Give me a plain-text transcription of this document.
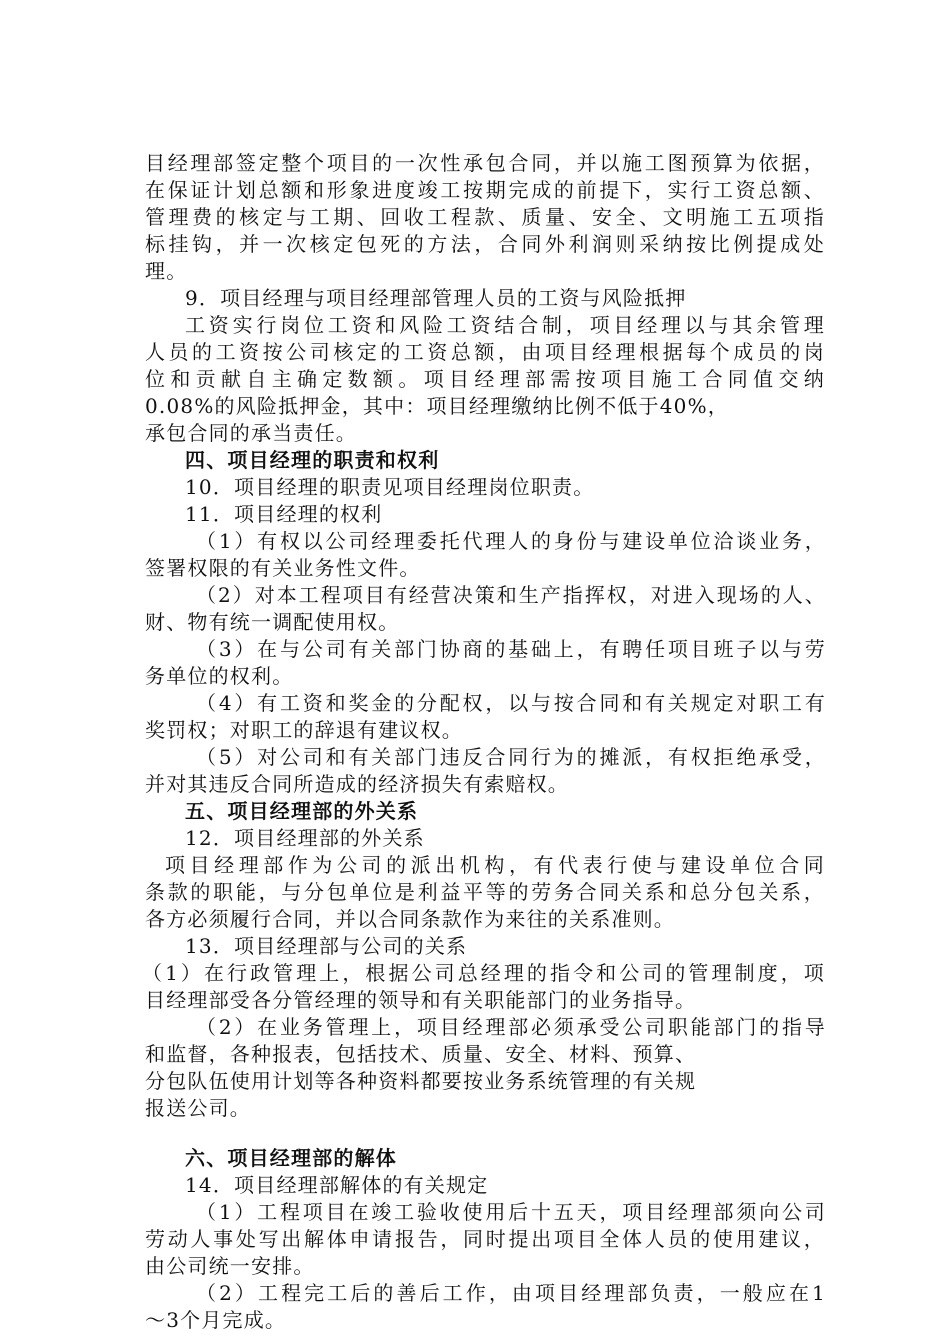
目经理部签定整个项目的一次性承包合同，并以施工图预算为依据，
在保证计划总额和形象进度竣工按期完成的前提下，实行工资总额、
管理费的核定与工期、回收工程款、质量、安全、文明施工五项指
标挂钩，并一次核定包死的方法，合同外利润则采纳按比例提成处
理。
9．项目经理与项目经理部管理人员的工资与风险抵押
工资实行岗位工资和风险工资结合制，项目经理以与其余管理
人员的工资按公司核定的工资总额，由项目经理根据每个成员的岗
位和贡献自主确定数额。项目经理部需按项目施工合同值交纳
0.08%的风险抵押金，其中：项目经理缴纳比例不低于40%，
承包合同的承当责任。
四、项目经理的职责和权利
10．项目经理的职责见项目经理岗位职责。
11．项目经理的权利
（1）有权以公司经理委托代理人的身份与建设单位洽谈业务，
签署权限的有关业务性文件。
（2）对本工程项目有经营决策和生产指挥权，对进入现场的人、
财、物有统一调配使用权。
（3）在与公司有关部门协商的基础上，有聘任项目班子以与劳
务单位的权利。
（4）有工资和奖金的分配权，以与按合同和有关规定对职工有
奖罚权；对职工的辞退有建议权。
（5）对公司和有关部门违反合同行为的摊派，有权拒绝承受，
并对其违反合同所造成的经济损失有索赔权。
五、项目经理部的外关系
12．项目经理部的外关系
项目经理部作为公司的派出机构，有代表行使与建设单位合同
条款的职能，与分包单位是利益平等的劳务合同关系和总分包关系，
各方必须履行合同，并以合同条款作为来往的关系准则。
13．项目经理部与公司的关系
（1）在行政管理上，根据公司总经理的指令和公司的管理制度，项
目经理部受各分管经理的领导和有关职能部门的业务指导。
（2）在业务管理上，项目经理部必须承受公司职能部门的指导
和监督，各种报表，包括技术、质量、安全、材料、预算、
分包队伍使用计划等各种资料都要按业务系统管理的有关规
报送公司。
六、项目经理部的解体
14．项目经理部解体的有关规定
（1）工程项目在竣工验收使用后十五天，项目经理部须向公司
劳动人事处写出解体申请报告，同时提出项目全体人员的使用建议，
由公司统一安排。
（2）工程完工后的善后工作，由项目经理部负责，一般应在1
～3个月完成。
